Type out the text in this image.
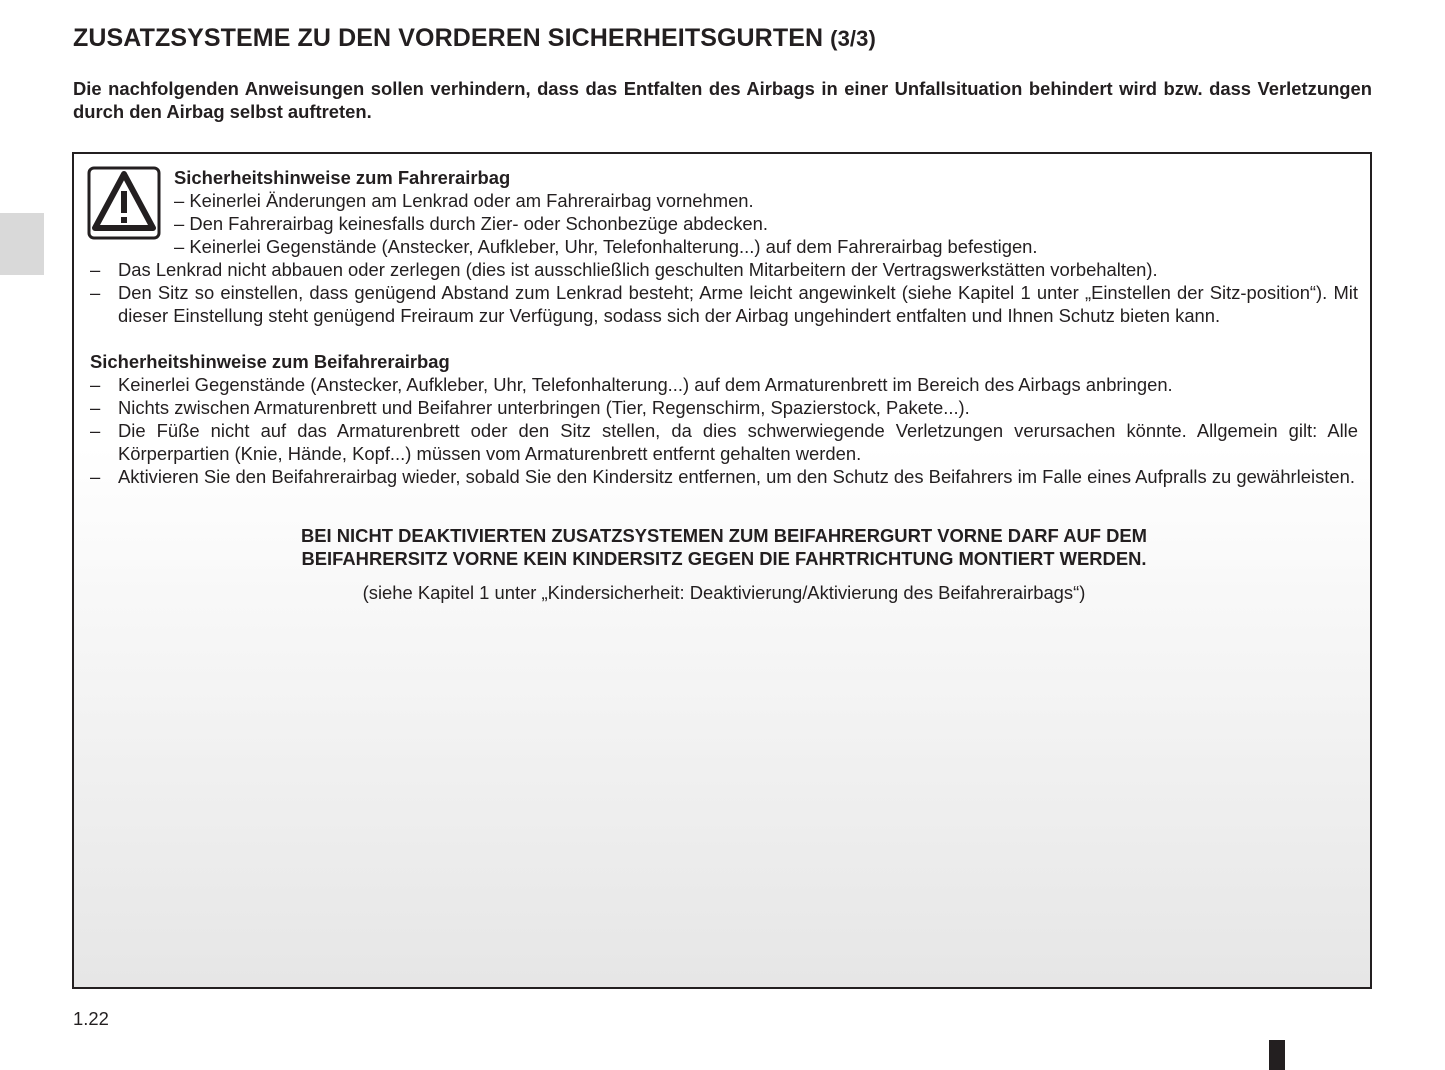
ZUSATZSYSTEME ZU DEN VORDEREN SICHERHEITSGURTEN (3/3)

Die nachfolgenden Anweisungen sollen verhindern, dass das Entfalten des Airbags in einer Unfallsituation behindert wird bzw. dass Verletzungen durch den Airbag selbst auftreten.

Sicherheitshinweise zum Fahrerairbag
– Keinerlei Änderungen am Lenkrad oder am Fahrerairbag vornehmen.
– Den Fahrerairbag keinesfalls durch Zier- oder Schonbezüge abdecken.
– Keinerlei Gegenstände (Anstecker, Aufkleber, Uhr, Telefonhalterung...) auf dem Fahrerairbag befestigen.
– Das Lenkrad nicht abbauen oder zerlegen (dies ist ausschließlich geschulten Mitarbeitern der Vertragswerkstätten vorbehalten).
– Den Sitz so einstellen, dass genügend Abstand zum Lenkrad besteht; Arme leicht angewinkelt (siehe Kapitel 1 unter „Einstellen der Sitz-position“). Mit dieser Einstellung steht genügend Freiraum zur Verfügung, sodass sich der Airbag ungehindert entfalten und Ihnen Schutz bieten kann.
Sicherheitshinweise zum Beifahrerairbag
– Keinerlei Gegenstände (Anstecker, Aufkleber, Uhr, Telefonhalterung...) auf dem Armaturenbrett im Bereich des Airbags anbringen.
– Nichts zwischen Armaturenbrett und Beifahrer unterbringen (Tier, Regenschirm, Spazierstock, Pakete...).
– Die Füße nicht auf das Armaturenbrett oder den Sitz stellen, da dies schwerwiegende Verletzungen verursachen könnte. Allgemein gilt: Alle Körperpartien (Knie, Hände, Kopf...) müssen vom Armaturenbrett entfernt gehalten werden.
– Aktivieren Sie den Beifahrerairbag wieder, sobald Sie den Kindersitz entfernen, um den Schutz des Beifahrers im Falle eines Aufpralls zu gewährleisten.
BEI NICHT DEAKTIVIERTEN ZUSATZSYSTEMEN ZUM BEIFAHRERGURT VORNE DARF AUF DEM
BEIFAHRERSITZ VORNE KEIN KINDERSITZ GEGEN DIE FAHRTRICHTUNG MONTIERT WERDEN.
(siehe Kapitel 1 unter „Kindersicherheit: Deaktivierung/Aktivierung des Beifahrerairbags“)
1.22
